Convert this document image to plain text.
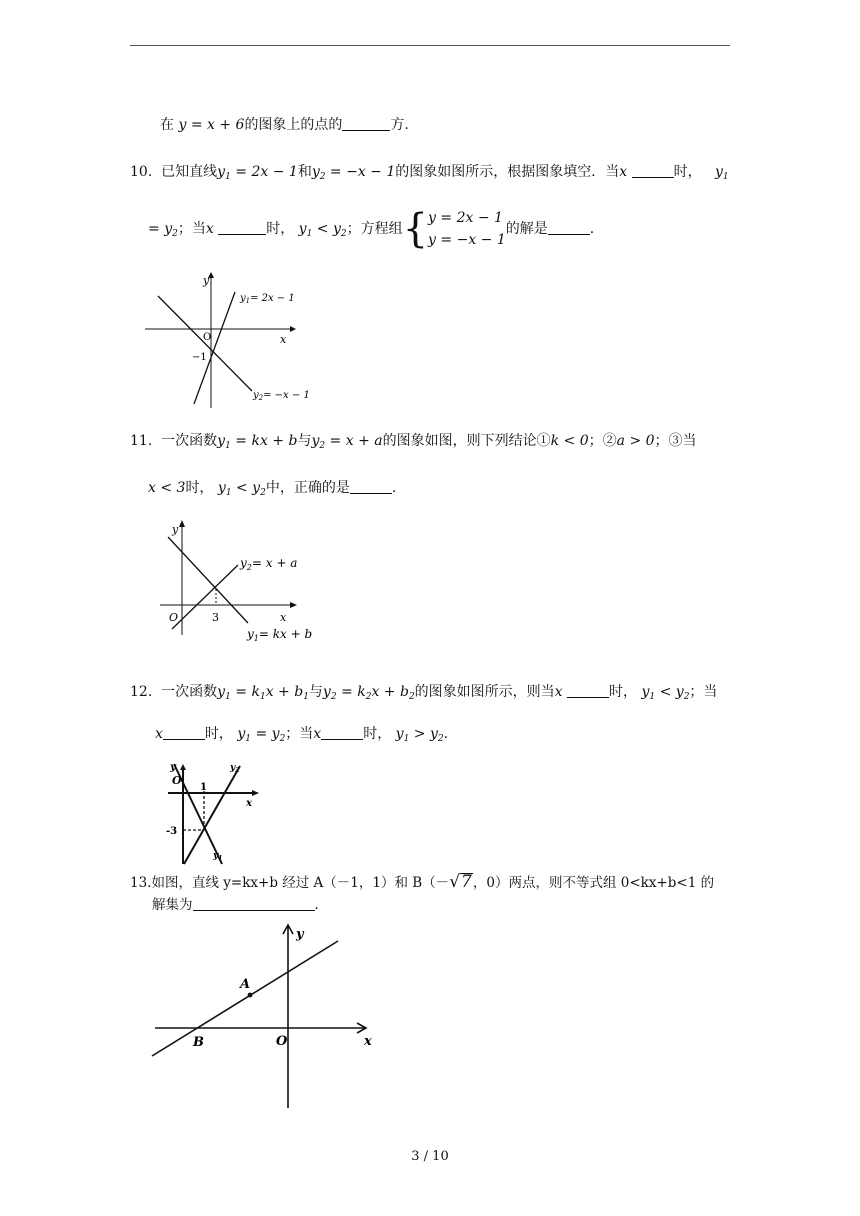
在 y = x + 6的图象上的点的	方.
10. 已知直线$y_1 = 2x - 1$和$y_2 = -x - 1$的图象如图所示，根据图象填空．当x	时， $y_1$
= $y_2$；当x	时， $y_1 < y_2$；方程组{y = 2x − 1
y = −x − 1的解是	.
y
x
O
−1
$y_1= 2x - 1$
$y_2= -x - 1$
11. 一次函数$y_1$ = kx + b与$y_2 = x + a$的图象如图，则下列结论①k < 0；②a > 0；③当
x < 3时， $y_1 < y_2$中，正确的是	.
y
x
O	3
$y_2= x + a$
$y_1=$ kx + b
12. 一次函数$y_1 = k_1x + b_1$与$y_2 = k_2x + b_2$的图象如图所示，则当x	时， $y_1 < y_2$；当
x	时， $y_1 = y_2$；当x	时， $y_1 > y_2$.
y
x
O
1
-3
$y_1$
$y_2$
13.如图，直线 y=kx+b 经过 A（－1，1）和 B（－√7，0）两点，则不等式组 0<kx+b<1 的
解集为	.
y
x
O
A
B
3 / 10
